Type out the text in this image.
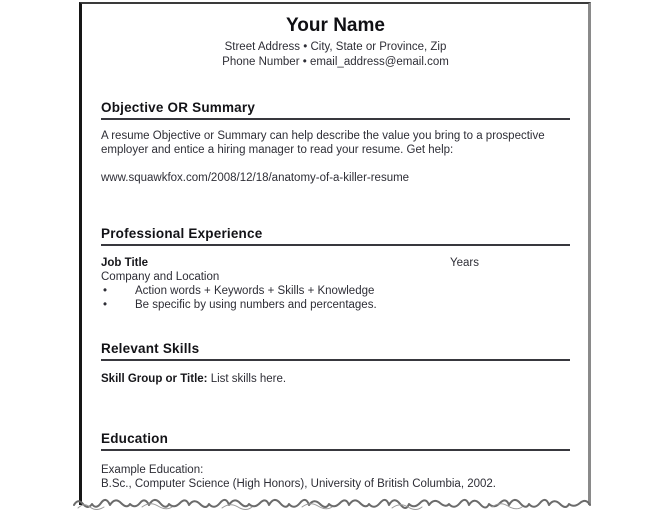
Your Name
Street Address • City, State or Province, Zip
Phone Number • email_address@email.com
Objective OR Summary
A resume Objective or Summary can help describe the value you bring to a prospective
employer and entice a hiring manager to read your resume. Get help:
www.squawkfox.com/2008/12/18/anatomy-of-a-killer-resume
Professional Experience
Job Title	Years
Company and Location
• Action words + Keywords + Skills + Knowledge
• Be specific by using numbers and percentages.
Relevant Skills
Skill Group or Title: List skills here.
Education
Example Education:
B.Sc., Computer Science (High Honors), University of British Columbia, 2002.
